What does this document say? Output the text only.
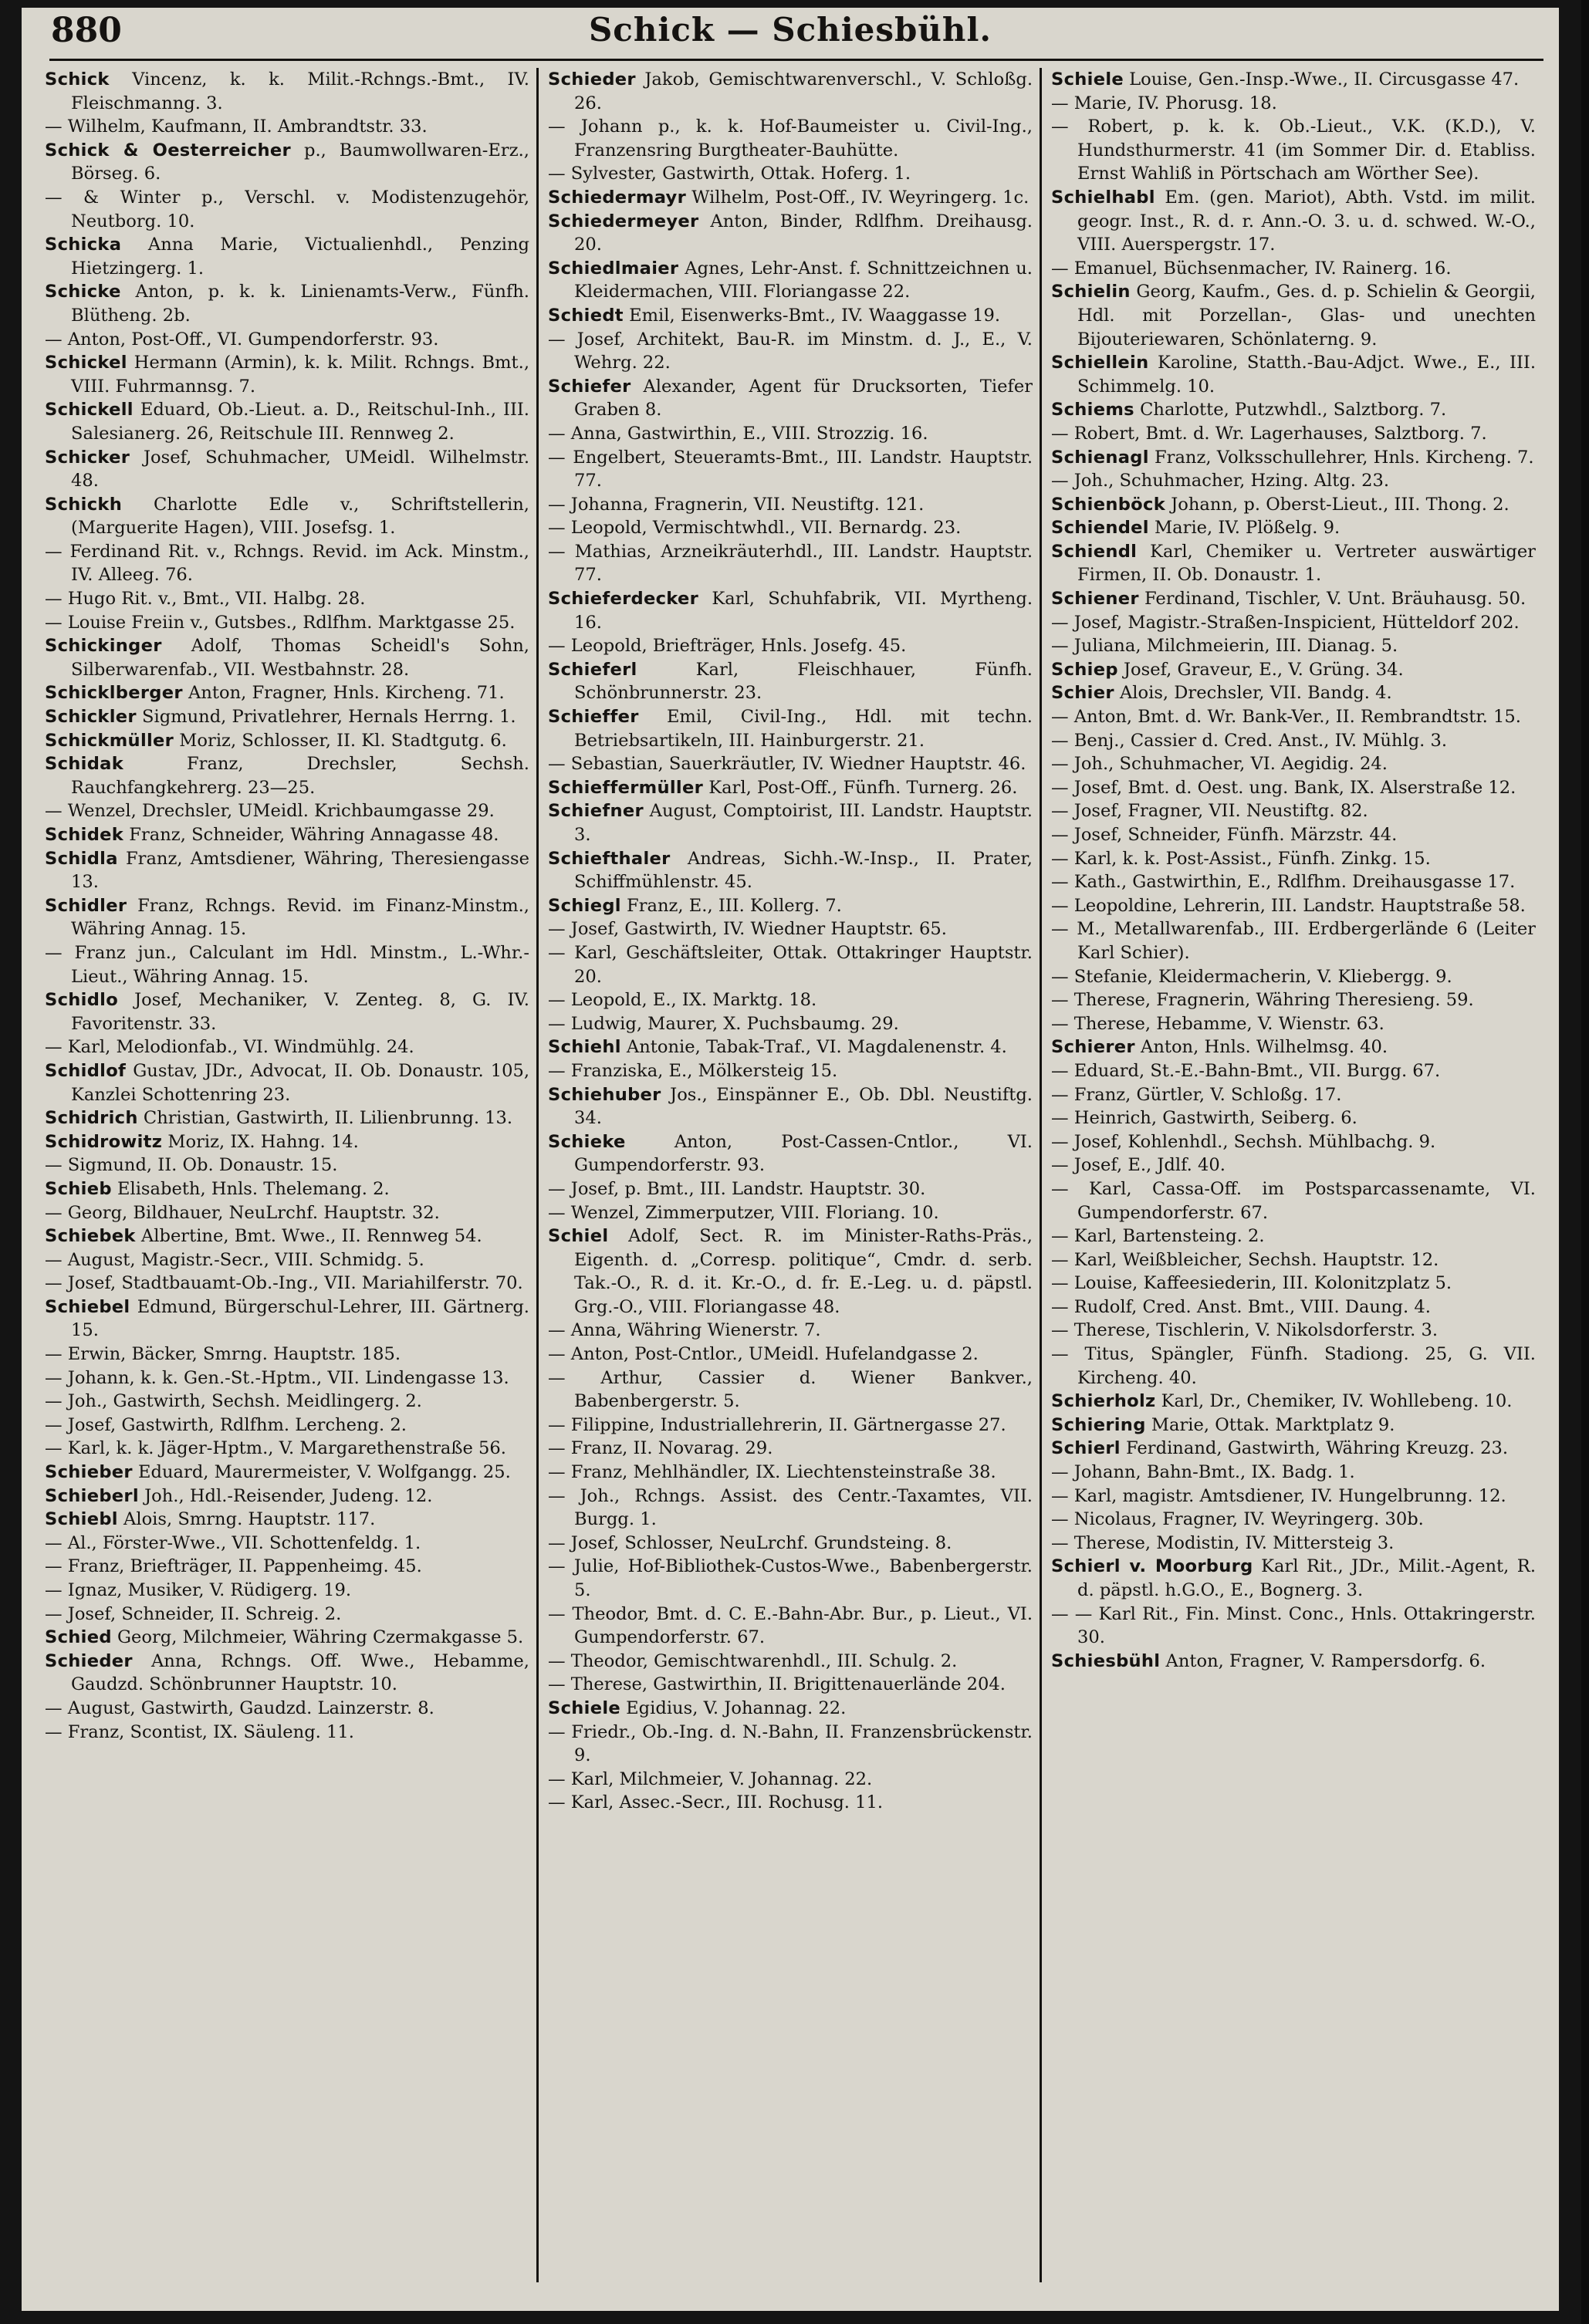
880	Schick — Schiesbühl.
Schick Vincenz, k. k. Milit.-Rchngs.-Bmt., IV. Fleischmanng. 3.
— Wilhelm, Kaufmann, II. Ambrandtstr. 33.
Schick & Oesterreicher p., Baumwollwaren-Erz., Börseg. 6.
— & Winter p., Verschl. v. Modistenzugehör, Neutborg. 10.
Schicka Anna Marie, Victualienhdl., Penzing Hietzingerg. 1.
Schicke Anton, p. k. k. Linienamts-Verw., Fünfh. Blütheng. 2b.
— Anton, Post-Off., VI. Gumpendorferstr. 93.
Schickel Hermann (Armin), k. k. Milit. Rchngs. Bmt., VIII. Fuhrmannsg. 7.
Schickell Eduard, Ob.-Lieut. a. D., Reitschul-Inh., III. Salesianerg. 26, Reitschule III. Rennweg 2.
Schicker Josef, Schuhmacher, UMeidl. Wilhelmstr. 48.
Schickh Charlotte Edle v., Schriftstellerin, (Marguerite Hagen), VIII. Josefsg. 1.
— Ferdinand Rit. v., Rchngs. Revid. im Ack. Minstm., IV. Alleeg. 76.
— Hugo Rit. v., Bmt., VII. Halbg. 28.
— Louise Freiin v., Gutsbes., Rdlfhm. Marktgasse 25.
Schickinger Adolf, Thomas Scheidl's Sohn, Silberwarenfab., VII. Westbahnstr. 28.
Schicklberger Anton, Fragner, Hnls. Kircheng. 71.
Schickler Sigmund, Privatlehrer, Hernals Herrng. 1.
Schickmüller Moriz, Schlosser, II. Kl. Stadtgutg. 6.
Schidak Franz, Drechsler, Sechsh. Rauchfangkehrerg. 23—25.
— Wenzel, Drechsler, UMeidl. Krichbaumgasse 29.
Schidek Franz, Schneider, Währing Annagasse 48.
Schidla Franz, Amtsdiener, Währing, Theresiengasse 13.
Schidler Franz, Rchngs. Revid. im Finanz-Minstm., Währing Annag. 15.
— Franz jun., Calculant im Hdl. Minstm., L.-Whr.-Lieut., Währing Annag. 15.
Schidlo Josef, Mechaniker, V. Zenteg. 8, G. IV. Favoritenstr. 33.
— Karl, Melodionfab., VI. Windmühlg. 24.
Schidlof Gustav, JDr., Advocat, II. Ob. Donaustr. 105, Kanzlei Schottenring 23.
Schidrich Christian, Gastwirth, II. Lilienbrunng. 13.
Schidrowitz Moriz, IX. Hahng. 14.
— Sigmund, II. Ob. Donaustr. 15.
Schieb Elisabeth, Hnls. Thelemang. 2.
— Georg, Bildhauer, NeuLrchf. Hauptstr. 32.
Schiebek Albertine, Bmt. Wwe., II. Rennweg 54.
— August, Magistr.-Secr., VIII. Schmidg. 5.
— Josef, Stadtbauamt-Ob.-Ing., VII. Mariahilferstr. 70.
Schiebel Edmund, Bürgerschul-Lehrer, III. Gärtnerg. 15.
— Erwin, Bäcker, Smrng. Hauptstr. 185.
— Johann, k. k. Gen.-St.-Hptm., VII. Lindengasse 13.
— Joh., Gastwirth, Sechsh. Meidlingerg. 2.
— Josef, Gastwirth, Rdlfhm. Lercheng. 2.
— Karl, k. k. Jäger-Hptm., V. Margarethenstraße 56.
Schieber Eduard, Maurermeister, V. Wolfgangg. 25.
Schieberl Joh., Hdl.-Reisender, Judeng. 12.
Schiebl Alois, Smrng. Hauptstr. 117.
— Al., Förster-Wwe., VII. Schottenfeldg. 1.
— Franz, Briefträger, II. Pappenheimg. 45.
— Ignaz, Musiker, V. Rüdigerg. 19.
— Josef, Schneider, II. Schreig. 2.
Schied Georg, Milchmeier, Währing Czermakgasse 5.
Schieder Anna, Rchngs. Off. Wwe., Hebamme, Gaudzd. Schönbrunner Hauptstr. 10.
— August, Gastwirth, Gaudzd. Lainzerstr. 8.
— Franz, Scontist, IX. Säuleng. 11.
Schieder Jakob, Gemischtwarenverschl., V. Schloßg. 26.
— Johann p., k. k. Hof-Baumeister u. Civil-Ing., Franzensring Burgtheater-Bauhütte.
— Sylvester, Gastwirth, Ottak. Hoferg. 1.
Schiedermayr Wilhelm, Post-Off., IV. Weyringerg. 1c.
Schiedermeyer Anton, Binder, Rdlfhm. Dreihausg. 20.
Schiedlmaier Agnes, Lehr-Anst. f. Schnittzeichnen u. Kleidermachen, VIII. Floriangasse 22.
Schiedt Emil, Eisenwerks-Bmt., IV. Waaggasse 19.
— Josef, Architekt, Bau-R. im Minstm. d. J., E., V. Wehrg. 22.
Schiefer Alexander, Agent für Drucksorten, Tiefer Graben 8.
— Anna, Gastwirthin, E., VIII. Strozzig. 16.
— Engelbert, Steueramts-Bmt., III. Landstr. Hauptstr. 77.
— Johanna, Fragnerin, VII. Neustiftg. 121.
— Leopold, Vermischtwhdl., VII. Bernardg. 23.
— Mathias, Arzneikräuterhdl., III. Landstr. Hauptstr. 77.
Schieferdecker Karl, Schuhfabrik, VII. Myrtheng. 16.
— Leopold, Briefträger, Hnls. Josefg. 45.
Schieferl Karl, Fleischhauer, Fünfh. Schönbrunnerstr. 23.
Schieffer Emil, Civil-Ing., Hdl. mit techn. Betriebsartikeln, III. Hainburgerstr. 21.
— Sebastian, Sauerkräutler, IV. Wiedner Hauptstr. 46.
Schieffermüller Karl, Post-Off., Fünfh. Turnerg. 26.
Schiefner August, Comptoirist, III. Landstr. Hauptstr. 3.
Schiefthaler Andreas, Sichh.-W.-Insp., II. Prater, Schiffmühlenstr. 45.
Schiegl Franz, E., III. Kollerg. 7.
— Josef, Gastwirth, IV. Wiedner Hauptstr. 65.
— Karl, Geschäftsleiter, Ottak. Ottakringer Hauptstr. 20.
— Leopold, E., IX. Marktg. 18.
— Ludwig, Maurer, X. Puchsbaumg. 29.
Schiehl Antonie, Tabak-Traf., VI. Magdalenenstr. 4.
— Franziska, E., Mölkersteig 15.
Schiehuber Jos., Einspänner E., Ob. Dbl. Neustiftg. 34.
Schieke Anton, Post-Cassen-Cntlor., VI. Gumpendorferstr. 93.
— Josef, p. Bmt., III. Landstr. Hauptstr. 30.
— Wenzel, Zimmerputzer, VIII. Floriang. 10.
Schiel Adolf, Sect. R. im Minister-Raths-Präs., Eigenth. d. „Corresp. politique“, Cmdr. d. serb. Tak.-O., R. d. it. Kr.-O., d. fr. E.-Leg. u. d. päpstl. Grg.-O., VIII. Floriangasse 48.
— Anna, Währing Wienerstr. 7.
— Anton, Post-Cntlor., UMeidl. Hufelandgasse 2.
— Arthur, Cassier d. Wiener Bankver., Babenbergerstr. 5.
— Filippine, Industriallehrerin, II. Gärtnergasse 27.
— Franz, II. Novarag. 29.
— Franz, Mehlhändler, IX. Liechtensteinstraße 38.
— Joh., Rchngs. Assist. des Centr.-Taxamtes, VII. Burgg. 1.
— Josef, Schlosser, NeuLrchf. Grundsteing. 8.
— Julie, Hof-Bibliothek-Custos-Wwe., Babenbergerstr. 5.
— Theodor, Bmt. d. C. E.-Bahn-Abr. Bur., p. Lieut., VI. Gumpendorferstr. 67.
— Theodor, Gemischtwarenhdl., III. Schulg. 2.
— Therese, Gastwirthin, II. Brigittenauerlände 204.
Schiele Egidius, V. Johannag. 22.
— Friedr., Ob.-Ing. d. N.-Bahn, II. Franzensbrückenstr. 9.
— Karl, Milchmeier, V. Johannag. 22.
— Karl, Assec.-Secr., III. Rochusg. 11.
Schiele Louise, Gen.-Insp.-Wwe., II. Circusgasse 47.
— Marie, IV. Phorusg. 18.
— Robert, p. k. k. Ob.-Lieut., V.K. (K.D.), V. Hundsthurmerstr. 41 (im Sommer Dir. d. Etabliss. Ernst Wahliß in Pörtschach am Wörther See).
Schielhabl Em. (gen. Mariot), Abth. Vstd. im milit. geogr. Inst., R. d. r. Ann.-O. 3. u. d. schwed. W.-O., VIII. Auerspergstr. 17.
— Emanuel, Büchsenmacher, IV. Rainerg. 16.
Schielin Georg, Kaufm., Ges. d. p. Schielin & Georgii, Hdl. mit Porzellan-, Glas- und unechten Bijouteriewaren, Schönlaterng. 9.
Schiellein Karoline, Statth.-Bau-Adjct. Wwe., E., III. Schimmelg. 10.
Schiems Charlotte, Putzwhdl., Salztborg. 7.
— Robert, Bmt. d. Wr. Lagerhauses, Salztborg. 7.
Schienagl Franz, Volksschullehrer, Hnls. Kircheng. 7.
— Joh., Schuhmacher, Hzing. Altg. 23.
Schienböck Johann, p. Oberst-Lieut., III. Thong. 2.
Schiendel Marie, IV. Plößelg. 9.
Schiendl Karl, Chemiker u. Vertreter auswärtiger Firmen, II. Ob. Donaustr. 1.
Schiener Ferdinand, Tischler, V. Unt. Bräuhausg. 50.
— Josef, Magistr.-Straßen-Inspicient, Hütteldorf 202.
— Juliana, Milchmeierin, III. Dianag. 5.
Schiep Josef, Graveur, E., V. Grüng. 34.
Schier Alois, Drechsler, VII. Bandg. 4.
— Anton, Bmt. d. Wr. Bank-Ver., II. Rembrandtstr. 15.
— Benj., Cassier d. Cred. Anst., IV. Mühlg. 3.
— Joh., Schuhmacher, VI. Aegidig. 24.
— Josef, Bmt. d. Oest. ung. Bank, IX. Alserstraße 12.
— Josef, Fragner, VII. Neustiftg. 82.
— Josef, Schneider, Fünfh. Märzstr. 44.
— Karl, k. k. Post-Assist., Fünfh. Zinkg. 15.
— Kath., Gastwirthin, E., Rdlfhm. Dreihausgasse 17.
— Leopoldine, Lehrerin, III. Landstr. Hauptstraße 58.
— M., Metallwarenfab., III. Erdbergerlände 6 (Leiter Karl Schier).
— Stefanie, Kleidermacherin, V. Kliebergg. 9.
— Therese, Fragnerin, Währing Theresieng. 59.
— Therese, Hebamme, V. Wienstr. 63.
Schierer Anton, Hnls. Wilhelmsg. 40.
— Eduard, St.-E.-Bahn-Bmt., VII. Burgg. 67.
— Franz, Gürtler, V. Schloßg. 17.
— Heinrich, Gastwirth, Seiberg. 6.
— Josef, Kohlenhdl., Sechsh. Mühlbachg. 9.
— Josef, E., Jdlf. 40.
— Karl, Cassa-Off. im Postsparcassenamte, VI. Gumpendorferstr. 67.
— Karl, Bartensteing. 2.
— Karl, Weißbleicher, Sechsh. Hauptstr. 12.
— Louise, Kaffeesiederin, III. Kolonitzplatz 5.
— Rudolf, Cred. Anst. Bmt., VIII. Daung. 4.
— Therese, Tischlerin, V. Nikolsdorferstr. 3.
— Titus, Spängler, Fünfh. Stadiong. 25, G. VII. Kircheng. 40.
Schierholz Karl, Dr., Chemiker, IV. Wohllebeng. 10.
Schiering Marie, Ottak. Marktplatz 9.
Schierl Ferdinand, Gastwirth, Währing Kreuzg. 23.
— Johann, Bahn-Bmt., IX. Badg. 1.
— Karl, magistr. Amtsdiener, IV. Hungelbrunng. 12.
— Nicolaus, Fragner, IV. Weyringerg. 30b.
— Therese, Modistin, IV. Mittersteig 3.
Schierl v. Moorburg Karl Rit., JDr., Milit.-Agent, R. d. päpstl. h.G.O., E., Bognerg. 3.
— — Karl Rit., Fin. Minst. Conc., Hnls. Ottakringerstr. 30.
Schiesbühl Anton, Fragner, V. Rampersdorfg. 6.
